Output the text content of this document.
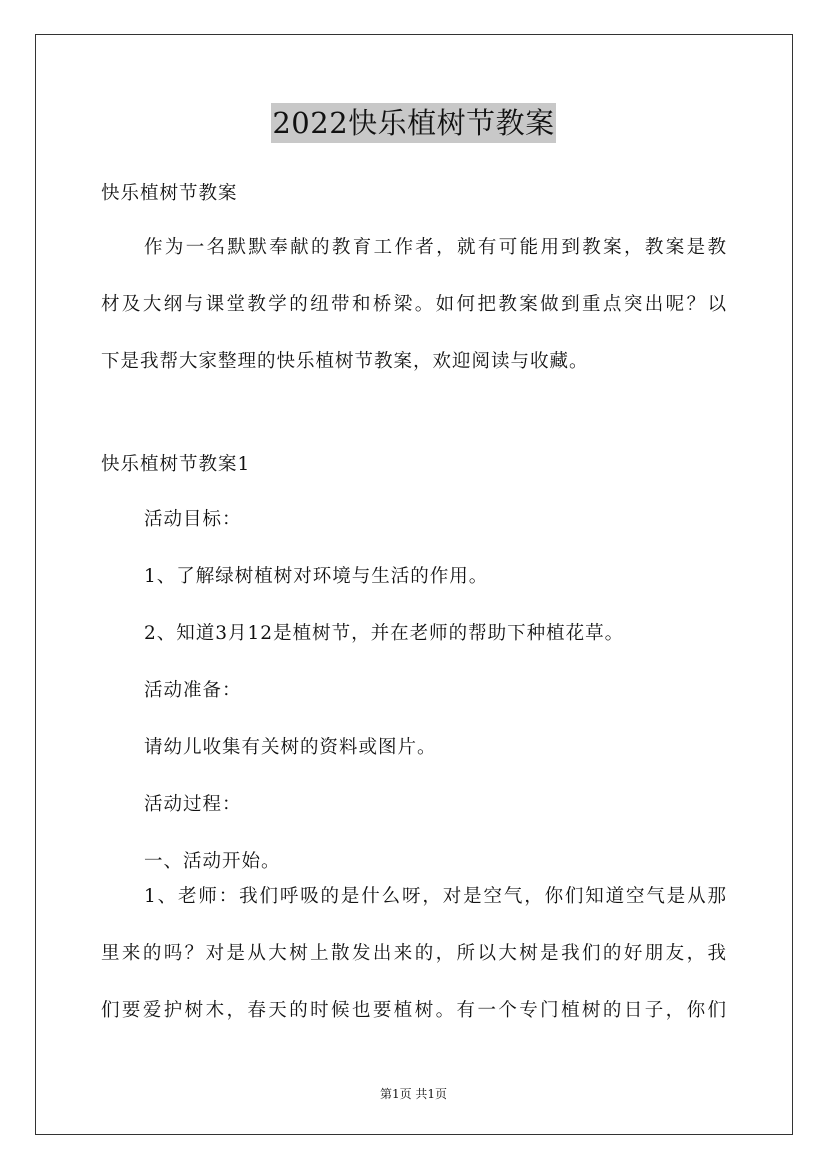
2022快乐植树节教案
快乐植树节教案
作为一名默默奉献的教育工作者，就有可能用到教案，教案是教
材及大纲与课堂教学的纽带和桥梁。如何把教案做到重点突出呢？以
下是我帮大家整理的快乐植树节教案，欢迎阅读与收藏。
快乐植树节教案1
活动目标：
1、了解绿树植树对环境与生活的作用。
2、知道3月12是植树节，并在老师的帮助下种植花草。
活动准备：
请幼儿收集有关树的资料或图片。
活动过程：
一、活动开始。
1、老师：我们呼吸的是什么呀，对是空气，你们知道空气是从那
里来的吗？对是从大树上散发出来的，所以大树是我们的好朋友，我
们要爱护树木，春天的时候也要植树。有一个专门植树的日子，你们
第1页 共1页
